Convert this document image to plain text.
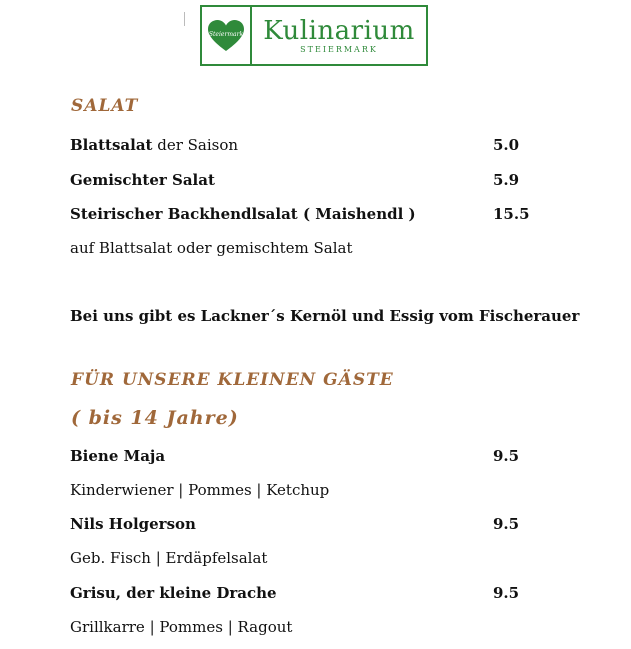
Steiermark Kulinarium
STEIERMARK
SALAT
Blattsalat der Saison	5.0
Gemischter Salat	5.9
Steirischer Backhendlsalat ( Maishendl )	15.5
auf Blattsalat oder gemischtem Salat
Bei uns gibt es Lackner´s Kernöl und Essig vom Fischerauer
FÜR UNSERE KLEINEN GÄSTE
( bis 14 Jahre)
Biene Maja	9.5
Kinderwiener | Pommes | Ketchup
Nils Holgerson	9.5
Geb. Fisch | Erdäpfelsalat
Grisu, der kleine Drache	9.5
Grillkarre | Pommes | Ragout
